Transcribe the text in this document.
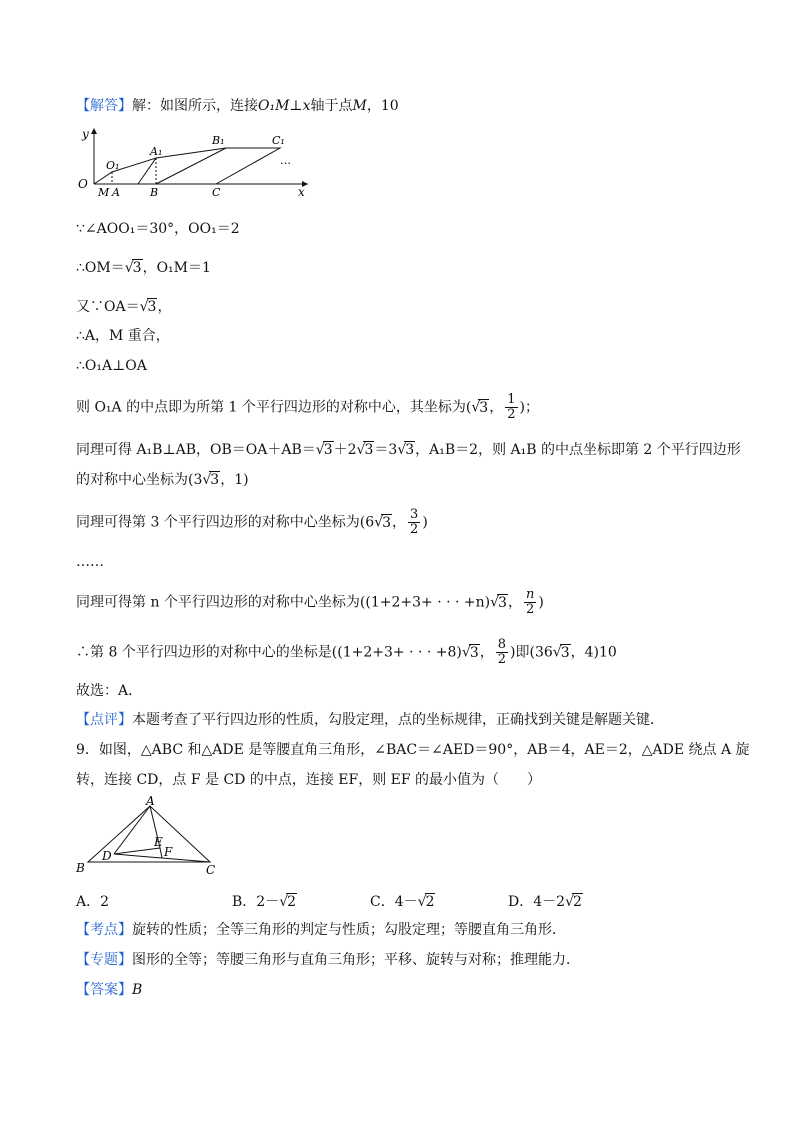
【解答】解：如图所示，连接O₁M⊥x轴于点M，10
y
O
O₁
A₁
B₁	C₁
…
M A	B	C	x
∵∠AOO₁＝30°，OO₁＝2
∴OM＝√3，O₁M＝1
又∵OA＝√3，
∴A，M 重合，
∴O₁A⊥OA
则 O₁A 的中点即为所第 1 个平行四边形的对称中心，其坐标为(√3， $\frac{1}{2}$ )；
同理可得 A₁B⊥AB，OB＝OA＋AB＝√3＋2√3＝3√3，A₁B＝2，则 A₁B 的中点坐标即第 2 个平行四边形
的对称中心坐标为(3√3，1)
同理可得第 3 个平行四边形的对称中心坐标为(6√3， $\frac{3}{2}$ )
……
同理可得第 n 个平行四边形的对称中心坐标为((1+2+3+ · · · +n)√3， $\frac{n}{2}$ )
∴第 8 个平行四边形的对称中心的坐标是((1+2+3+ · · · +8)√3， $\frac{8}{2}$ )即(36√3，4)10
故选：A．
【点评】本题考查了平行四边形的性质，勾股定理，点的坐标规律，正确找到关键是解题关键．
9．如图，△ABC 和△ADE 是等腰直角三角形，∠BAC＝∠AED＝90°，AB＝4，AE＝2，△ADE 绕点 A 旋
转，连接 CD，点 F 是 CD 的中点，连接 EF，则 EF 的最小值为（　　）
A
B	C
D
E
F
A．2	B．2－√2	C．4－√2	D．4－2√2
【考点】旋转的性质；全等三角形的判定与性质；勾股定理；等腰直角三角形．
【专题】图形的全等；等腰三角形与直角三角形；平移、旋转与对称；推理能力．
【答案】B
